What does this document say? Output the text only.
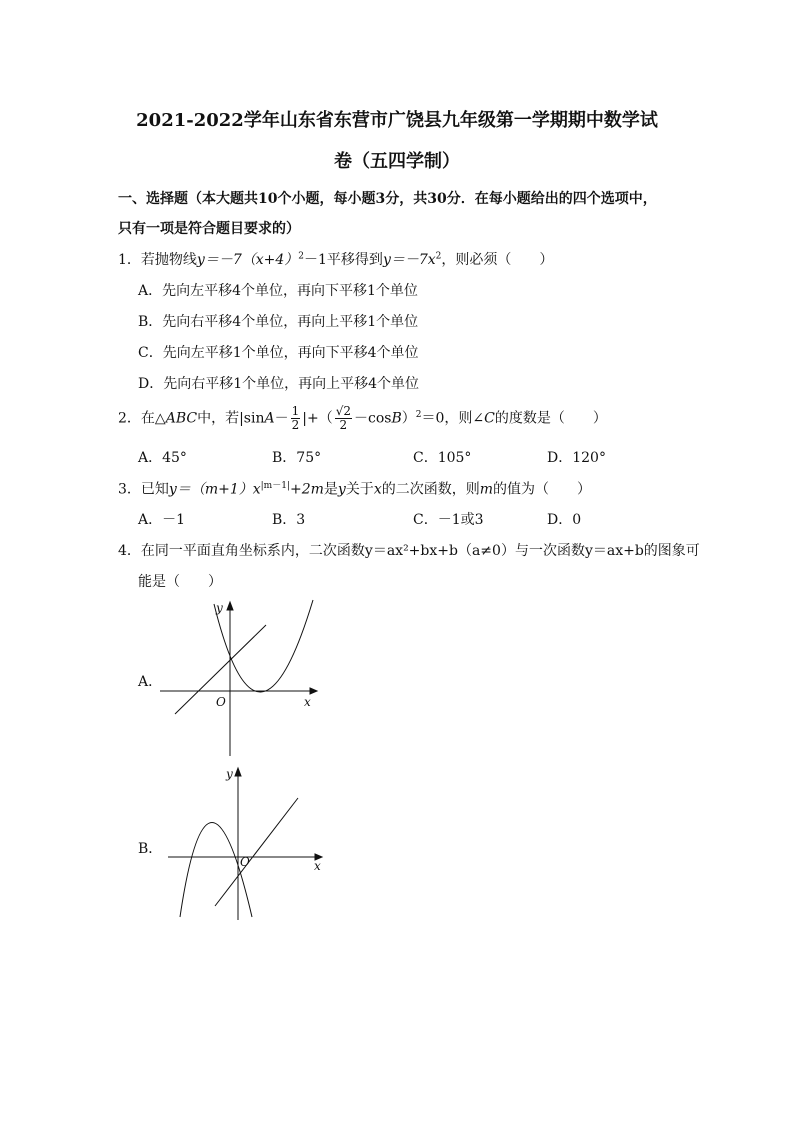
2021-2022学年山东省东营市广饶县九年级第一学期期中数学试
卷（五四学制）
一、选择题（本大题共10个小题，每小题3分，共30分．在每小题给出的四个选项中，
只有一项是符合题目要求的）
1．若抛物线$y=-7(x+4)^2-1$平移得到$y=-7x^2$，则必须（　　）
A．先向左平移4个单位，再向下平移1个单位
B．先向右平移4个单位，再向上平移1个单位
C．先向左平移1个单位，再向下平移4个单位
D．先向右平移1个单位，再向上平移4个单位
2．在△ABC中，若$|\sin A- \frac{1}{2}$ |+（ $\frac{√2}{2} -\cos B)^2=0$，则∠C的度数是（　　）
A．45°	B．75°	C．105°	D．120°
3．已知$y=(m+1)x^{|m-1|}+2m$是y关于x的二次函数，则m的值为（　　）
A．－1	B．3	C．－1或3	D．0
4．在同一平面直角坐标系内，二次函数y＝ax²+bx+b（a≠0）与一次函数y＝ax+b的图象可
能是（　　）
A．
y
x
O
B．
y
x
O
